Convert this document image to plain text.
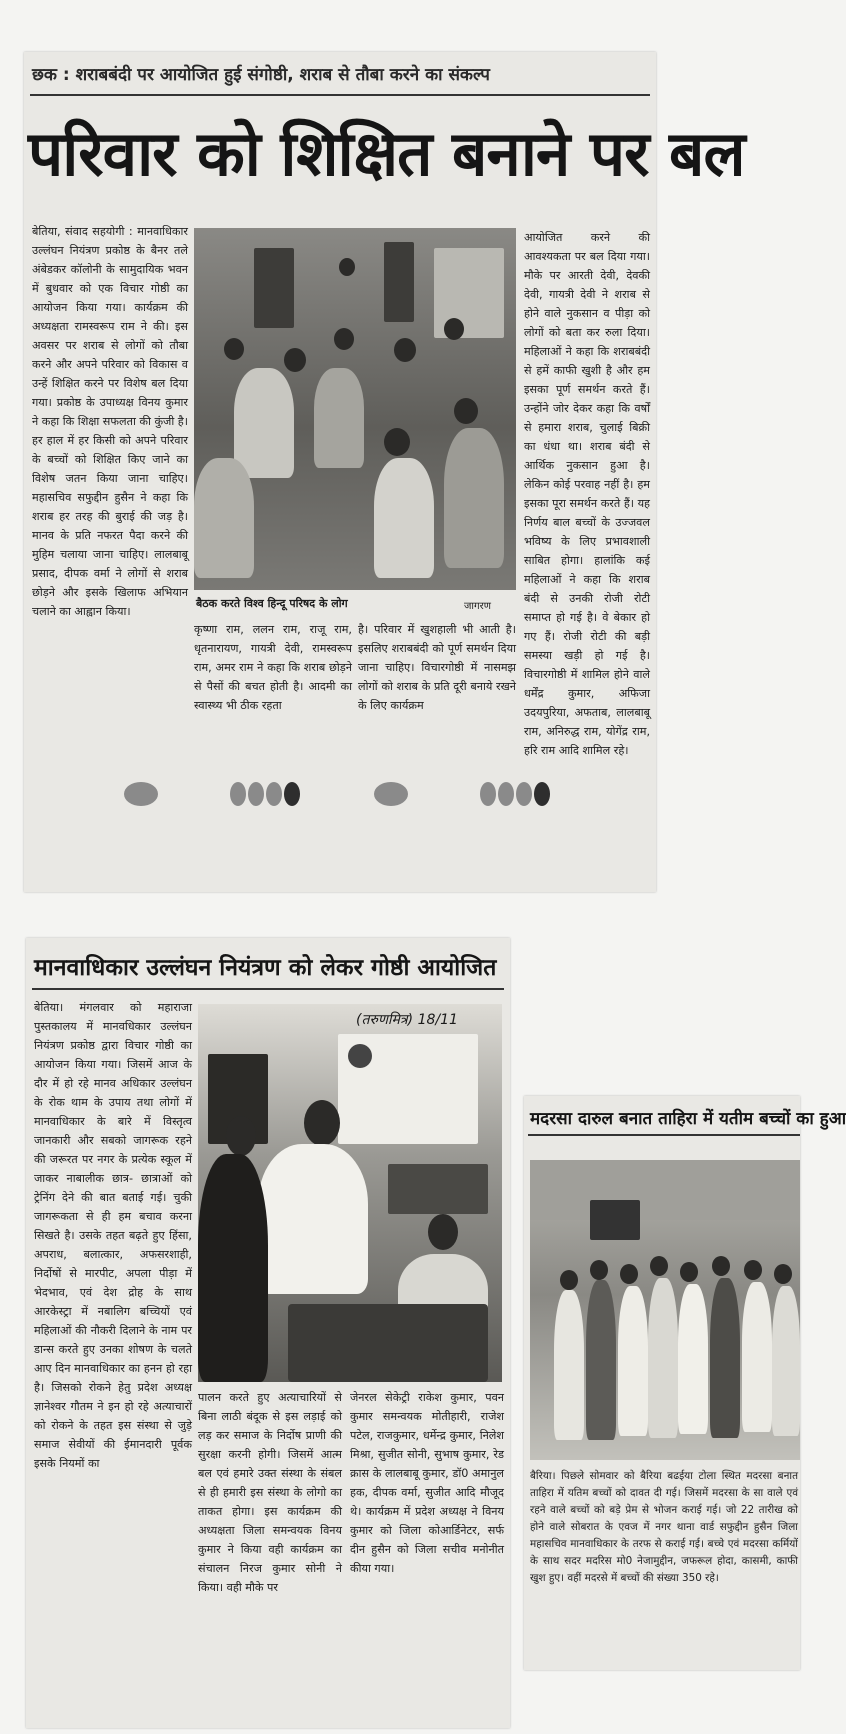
छक : शराबबंदी पर आयोजित हुई संगोष्ठी, शराब से तौबा करने का संकल्प
परिवार को शिक्षित बनाने पर बल
बेतिया, संवाद सहयोगी : मानवाधिकार उल्लंघन नियंत्रण प्रकोष्ठ के बैनर तले अंबेडकर कॉलोनी के सामुदायिक भवन में बुधवार को एक विचार गोष्ठी का आयोजन किया गया। कार्यक्रम की अध्यक्षता रामस्वरूप राम ने की। इस अवसर पर शराब से लोगों को तौबा करने और अपने परिवार को विकास व उन्हें शिक्षित करने पर विशेष बल दिया गया। प्रकोष्ठ के उपाध्यक्ष विनय कुमार ने कहा कि शिक्षा सफलता की कुंजी है। हर हाल में हर किसी को अपने परिवार के बच्चों को शिक्षित किए जाने का विशेष जतन किया जाना चाहिए। महासचिव सफुद्दीन हुसैन ने कहा कि शराब हर तरह की बुराई की जड़ है। मानव के प्रति नफरत पैदा करने की मुहिम चलाया जाना चाहिए। लालबाबू प्रसाद, दीपक वर्मा ने लोगों से शराब छोड़ने और इसके खिलाफ अभियान चलाने का आह्वान किया।
बैठक करते विश्व हिन्दू परिषद के लोग	जागरण
कृष्णा राम, ललन राम, राजू राम, धृतनारायण, गायत्री देवी, रामस्वरूप राम, अमर राम ने कहा कि शराब छोड़ने से पैसों की बचत होती है। आदमी का स्वास्थ्य भी ठीक रहता
है। परिवार में खुशहाली भी आती है। इसलिए शराबबंदी को पूर्ण समर्थन दिया जाना चाहिए। विचारगोष्ठी में नासमझ लोगों को शराब के प्रति दूरी बनाये रखने के लिए कार्यक्रम
आयोजित करने की आवश्यकता पर बल दिया गया। मौके पर आरती देवी, देवकी देवी, गायत्री देवी ने शराब से होने वाले नुकसान व पीड़ा को लोगों को बता कर रुला दिया। महिलाओं ने कहा कि शराबबंदी से हमें काफी खुशी है और हम इसका पूर्ण समर्थन करते हैं। उन्होंने जोर देकर कहा कि वर्षों से हमारा शराब, चुलाई बिक्री का धंधा था। शराब बंदी से आर्थिक नुकसान हुआ है। लेकिन कोई परवाह नहीं है। हम इसका पूरा समर्थन करते हैं। यह निर्णय बाल बच्चों के उज्जवल भविष्य के लिए प्रभावशाली साबित होगा। हालांकि कई महिलाओं ने कहा कि शराब बंदी से उनकी रोजी रोटी समाप्त हो गई है। वे बेकार हो गए हैं। रोजी रोटी की बड़ी समस्या खड़ी हो गई है। विचारगोष्ठी में शामिल होने वाले धर्मेंद्र कुमार, अफिजा उदयपुरिया, अफताब, लालबाबू राम, अनिरुद्ध राम, योगेंद्र राम, हरि राम आदि शामिल रहे।
मानवाधिकार उल्लंघन नियंत्रण को लेकर गोष्ठी आयोजित
बेतिया। मंगलवार को महाराजा पुस्तकालय में मानवधिकार उल्लंघन नियंत्रण प्रकोष्ठ द्वारा विचार गोष्ठी का आयोजन किया गया। जिसमें आज के दौर में हो रहे मानव अधिकार उल्लंघन के रोक थाम के उपाय तथा लोगों में मानवाधिकार के बारे में विस्तृत्व जानकारी और सबको जागरूक रहने की जरूरत पर नगर के प्रत्येक स्कूल में जाकर नाबालीक छात्र- छात्राओं को ट्रेनिंग देने की बात बताई गई। चुकी जागरूकता से ही हम बचाव करना सिखते है। उसके तहत बढ़ते हुए हिंसा, अपराध, बलात्कार, अफसरशाही, निर्दोषों से मारपीट, अपला पीड़ा में भेदभाव, एवं देश द्रोह के साथ आरकेस्ट्रा में नबालिग बच्चियों एवं महिलाओं की नौकरी दिलाने के नाम पर डान्स करते हुए उनका शोषण के चलते आए दिन मानवाधिकार का हनन हो रहा है। जिसको रोकने हेतु प्रदेश अध्यक्ष ज्ञानेश्वर गौतम ने इन हो रहे अत्याचारों को रोकने के तहत इस संस्था से जुड़े समाज सेवीयों की ईमानदारी पूर्वक इसके नियमों का
(तरुणमित्र) 18/11
पालन करते हुए अत्याचारियों से बिना लाठी बंदूक से इस लड़ाई को लड़ कर समाज के निर्दोष प्राणी की सुरक्षा करनी होगी। जिसमें आत्म बल एवं हमारे उक्त संस्था के संबल से ही हमारी इस संस्था के लोगो का ताकत होगा। इस कार्यक्रम की अध्यक्षता जिला समन्वयक विनय कुमार ने किया वही कार्यक्रम का संचालन निरज कुमार सोनी ने किया। वही मौके पर
जेनरल सेकेट्री राकेश कुमार, पवन कुमार समन्वयक मोतीहारी, राजेश पटेल, राजकुमार, धर्मेन्द्र कुमार, निलेश मिश्रा, सुजीत सोनी, सुभाष कुमार, रेड क्रास के लालबाबू कुमार, डॉ0 अमानुल हक, दीपक वर्मा, सुजीत आदि मौजूद थे। कार्यक्रम में प्रदेश अध्यक्ष ने विनय कुमार को जिला कोआर्डिनेटर, सर्फ दीन हुसैन को जिला सचीव मनोनीत कीया गया।
मदरसा दारुल बनात ताहिरा में यतीम बच्चों का हुआ
बैरिया। पिछले सोमवार को बैरिया बढईया टोला स्थित मदरसा बनात ताहिरा में यतिम बच्चों को दावत दी गई। जिसमें मदरसा के सा वाले एवं रहने वाले बच्चों को बड़े प्रेम से भोजन कराई गई। जो 22 तारीख को होने वाले सोबरात के एवज में नगर थाना वार्ड सफुद्दीन हुसैन जिला महासचिव मानवाधिकार के तरफ से कराई गई। बच्चे एवं मदरसा कर्मियों के साथ सदर मदरिस मो0 नेजामुद्दीन, जफरूल होदा, कासमी, काफी खुश हुए। वहीं मदरसे में बच्चों की संख्या 350 रहे।
